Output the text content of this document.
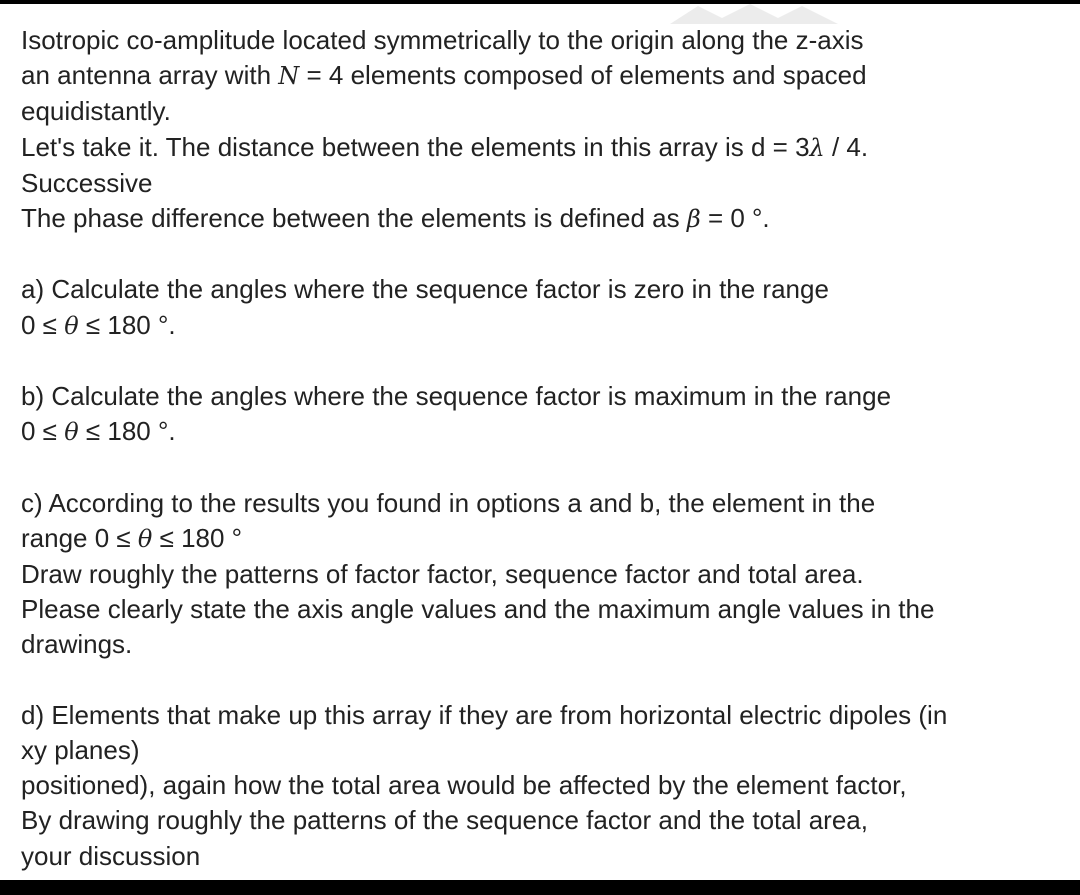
Isotropic co-amplitude located symmetrically to the origin along the z-axis
an antenna array with N = 4 elements composed of elements and spaced
equidistantly.
Let's take it. The distance between the elements in this array is d = 3λ / 4.
Successive
The phase difference between the elements is defined as β = 0 °.
a) Calculate the angles where the sequence factor is zero in the range
0 ≤ θ ≤ 180 °.
b) Calculate the angles where the sequence factor is maximum in the range
0 ≤ θ ≤ 180 °.
c) According to the results you found in options a and b, the element in the
range 0 ≤ θ ≤ 180 °
Draw roughly the patterns of factor factor, sequence factor and total area.
Please clearly state the axis angle values and the maximum angle values in the
drawings.
d) Elements that make up this array if they are from horizontal electric dipoles (in
xy planes)
positioned), again how the total area would be affected by the element factor,
By drawing roughly the patterns of the sequence factor and the total area,
your discussion
